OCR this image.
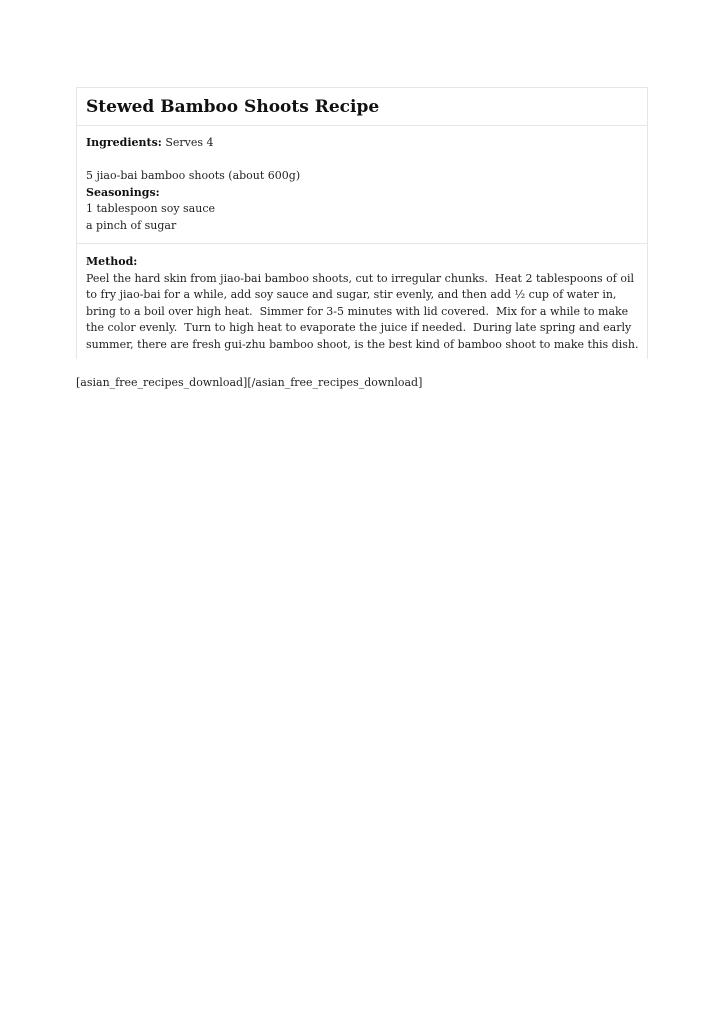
Stewed Bamboo Shoots Recipe
Ingredients: Serves 4
5 jiao-bai bamboo shoots (about 600g)
Seasonings:
1 tablespoon soy sauce
a pinch of sugar
Method:
Peel the hard skin from jiao-bai bamboo shoots, cut to irregular chunks.  Heat 2 tablespoons of oil
to fry jiao-bai for a while, add soy sauce and sugar, stir evenly, and then add ½ cup of water in,
bring to a boil over high heat.  Simmer for 3-5 minutes with lid covered.  Mix for a while to make
the color evenly.  Turn to high heat to evaporate the juice if needed.  During late spring and early
summer, there are fresh gui-zhu bamboo shoot, is the best kind of bamboo shoot to make this dish.
[asian_free_recipes_download][/asian_free_recipes_download]
